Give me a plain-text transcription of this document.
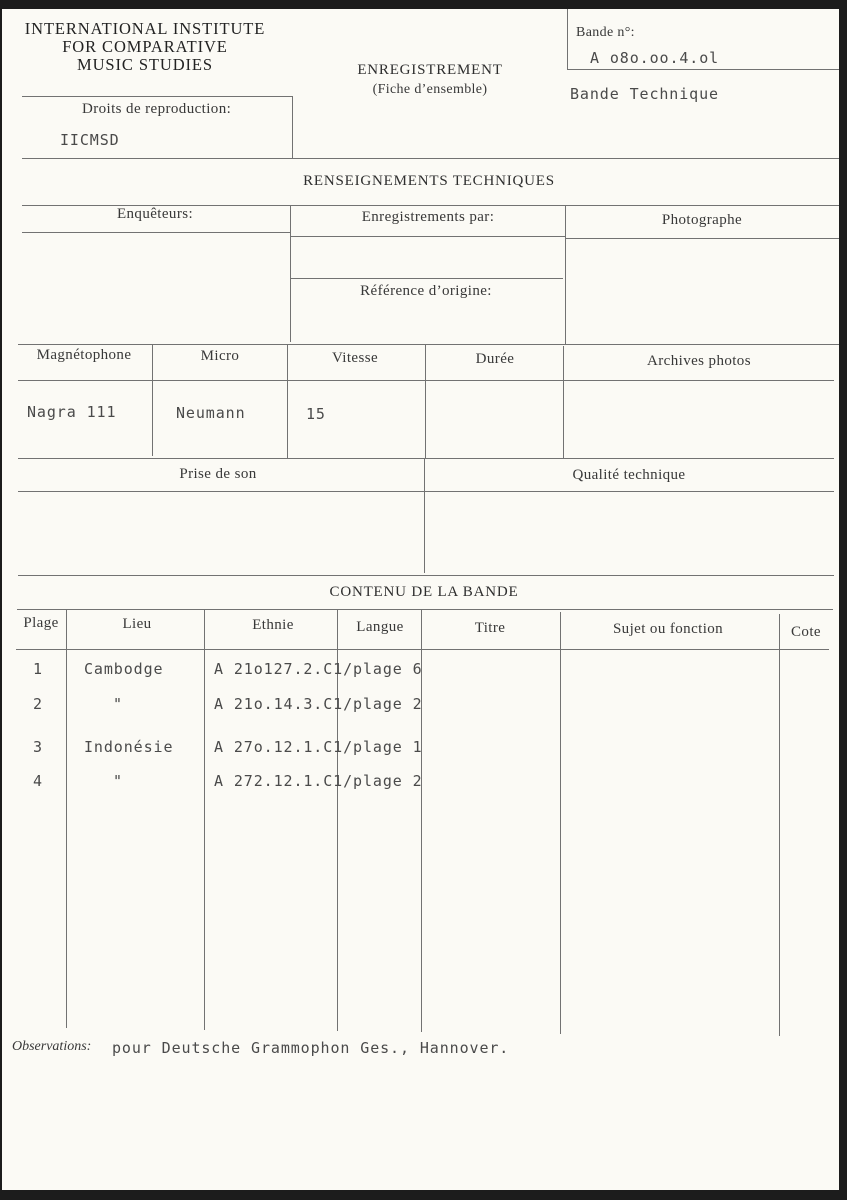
INTERNATIONAL INSTITUTE
FOR COMPARATIVE
MUSIC STUDIES	ENREGISTREMENT
(Fiche d’ensemble)
Bande n°:
A o8o.oo.4.ol
Bande Technique
Droits de reproduction:
IICMSD
RENSEIGNEMENTS TECHNIQUES
Enquêteurs:	Enregistrements par:	Photographe
Référence d’origine:
Magnétophone	Micro	Vitesse	Durée	Archives photos
Nagra 111	Neumann	15
Prise de son	Qualité technique
CONTENU DE LA BANDE
Plage	Lieu	Ethnie	Langue	Titre	Sujet ou fonction	Cote
1	Cambodge	A 21o127.2.C1/plage 6
2	"	A 21o.14.3.C1/plage 2
3	Indonésie	A 27o.12.1.C1/plage 1
4	"	A 272.12.1.C1/plage 2
Observations: pour Deutsche Grammophon Ges., Hannover.
